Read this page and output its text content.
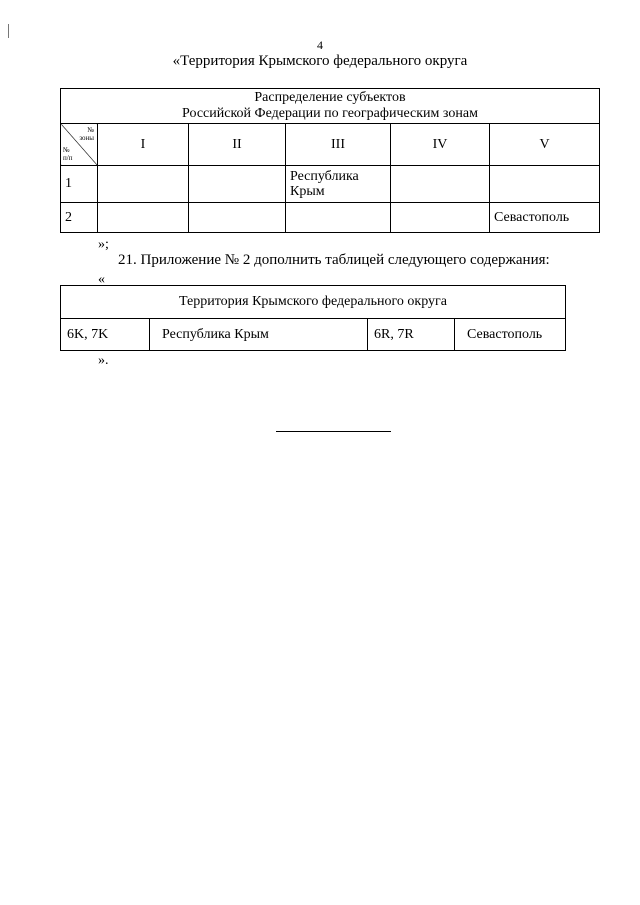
4
«Территория Крымского федерального округа
Распределение субъектов
Российской Федерации по географическим зонам					

№
зоны
№
п/п	I	II	III	IV	V
1			Республика Крым		
2					Севастополь
»;
21. Приложение № 2 дополнить таблицей следующего содержания:
«
Территория Крымского федерального округа
6K, 7K	Республика Крым	6R, 7R	Севастополь
».
